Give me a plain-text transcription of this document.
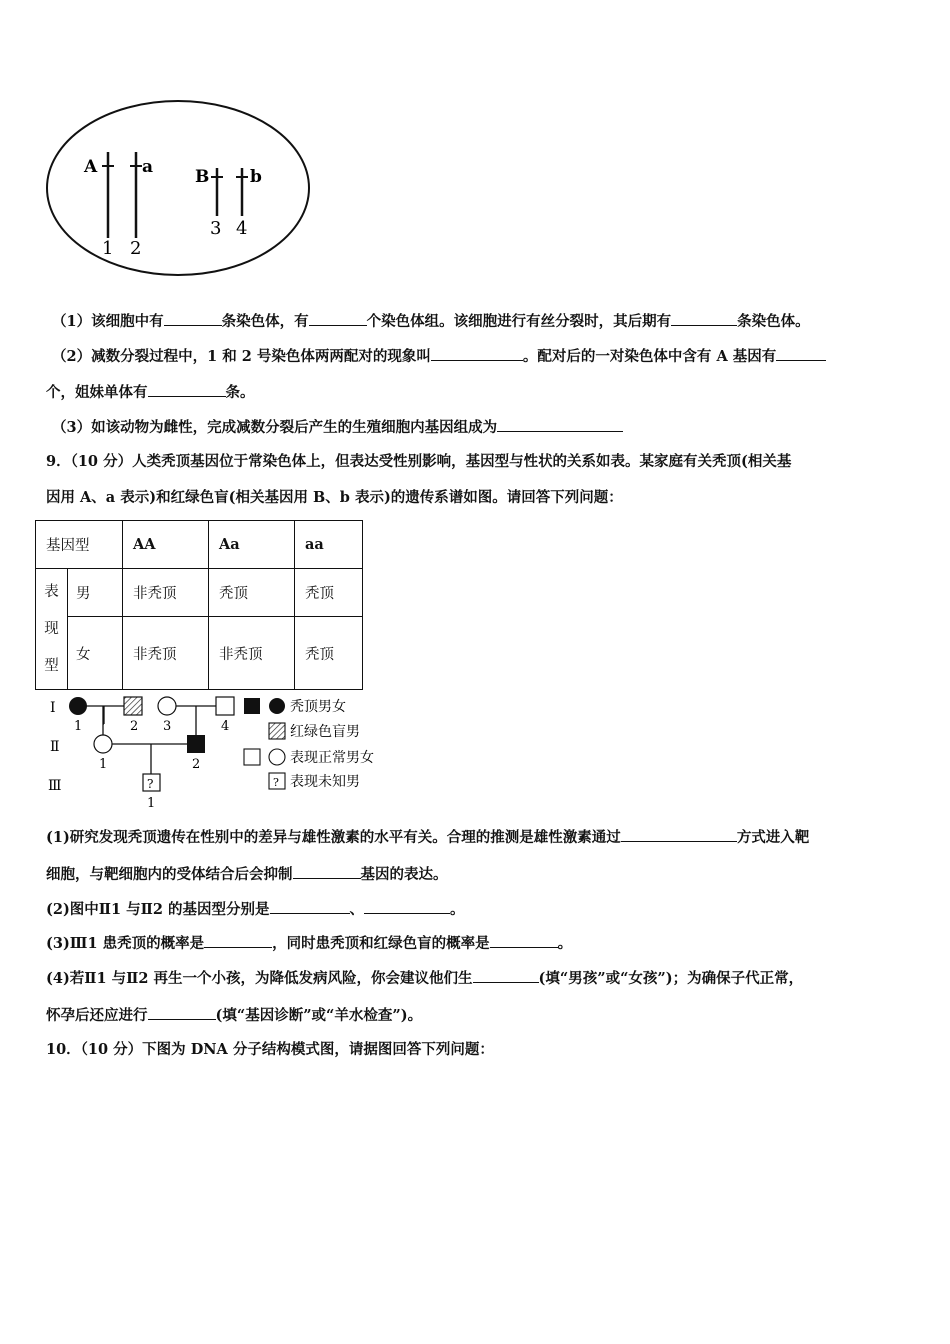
A	a B b
1 2
3 4
（1）该细胞中有	条染色体，有	个染色体组。该细胞进行有丝分裂时，其后期有	条染色体。
（2）减数分裂过程中，1 和 2 号染色体两两配对的现象叫	。配对后的一对染色体中含有 A 基因有
个，姐妹单体有	条。
（3）如该动物为雌性，完成减数分裂后产生的生殖细胞内基因组成为
9．（10 分）人类秃顶基因位于常染色体上，但表达受性别影响，基因型与性状的关系如表。某家庭有关秃顶(相关基
因用 A、a 表示)和红绿色盲(相关基因用 B、b 表示)的遗传系谱如图。请回答下列问题：
基因型		AA	Aa	aa
表
现
型	男	非秃顶	秃顶	秃顶
	女	非秃顶	非秃顶	秃顶
Ⅰ
Ⅱ
Ⅲ
1	2 3	4
1	2
?
1
秃顶男女
红绿色盲男
表现正常男女
? 表现未知男
(1)研究发现秃顶遗传在性别中的差异与雄性激素的水平有关。合理的推测是雄性激素通过	方式进入靶
细胞，与靶细胞内的受体结合后会抑制	基因的表达。
(2)图中Ⅱ1 与Ⅱ2 的基因型分别是	、	。
(3)Ⅲ1 患秃顶的概率是	，同时患秃顶和红绿色盲的概率是	。
(4)若Ⅱ1 与Ⅱ2 再生一个小孩，为降低发病风险，你会建议他们生	(填“男孩”或“女孩”)；为确保子代正常，
怀孕后还应进行	(填“基因诊断”或“羊水检查”)。
10．（10 分）下图为 DNA 分子结构模式图，请据图回答下列问题：
